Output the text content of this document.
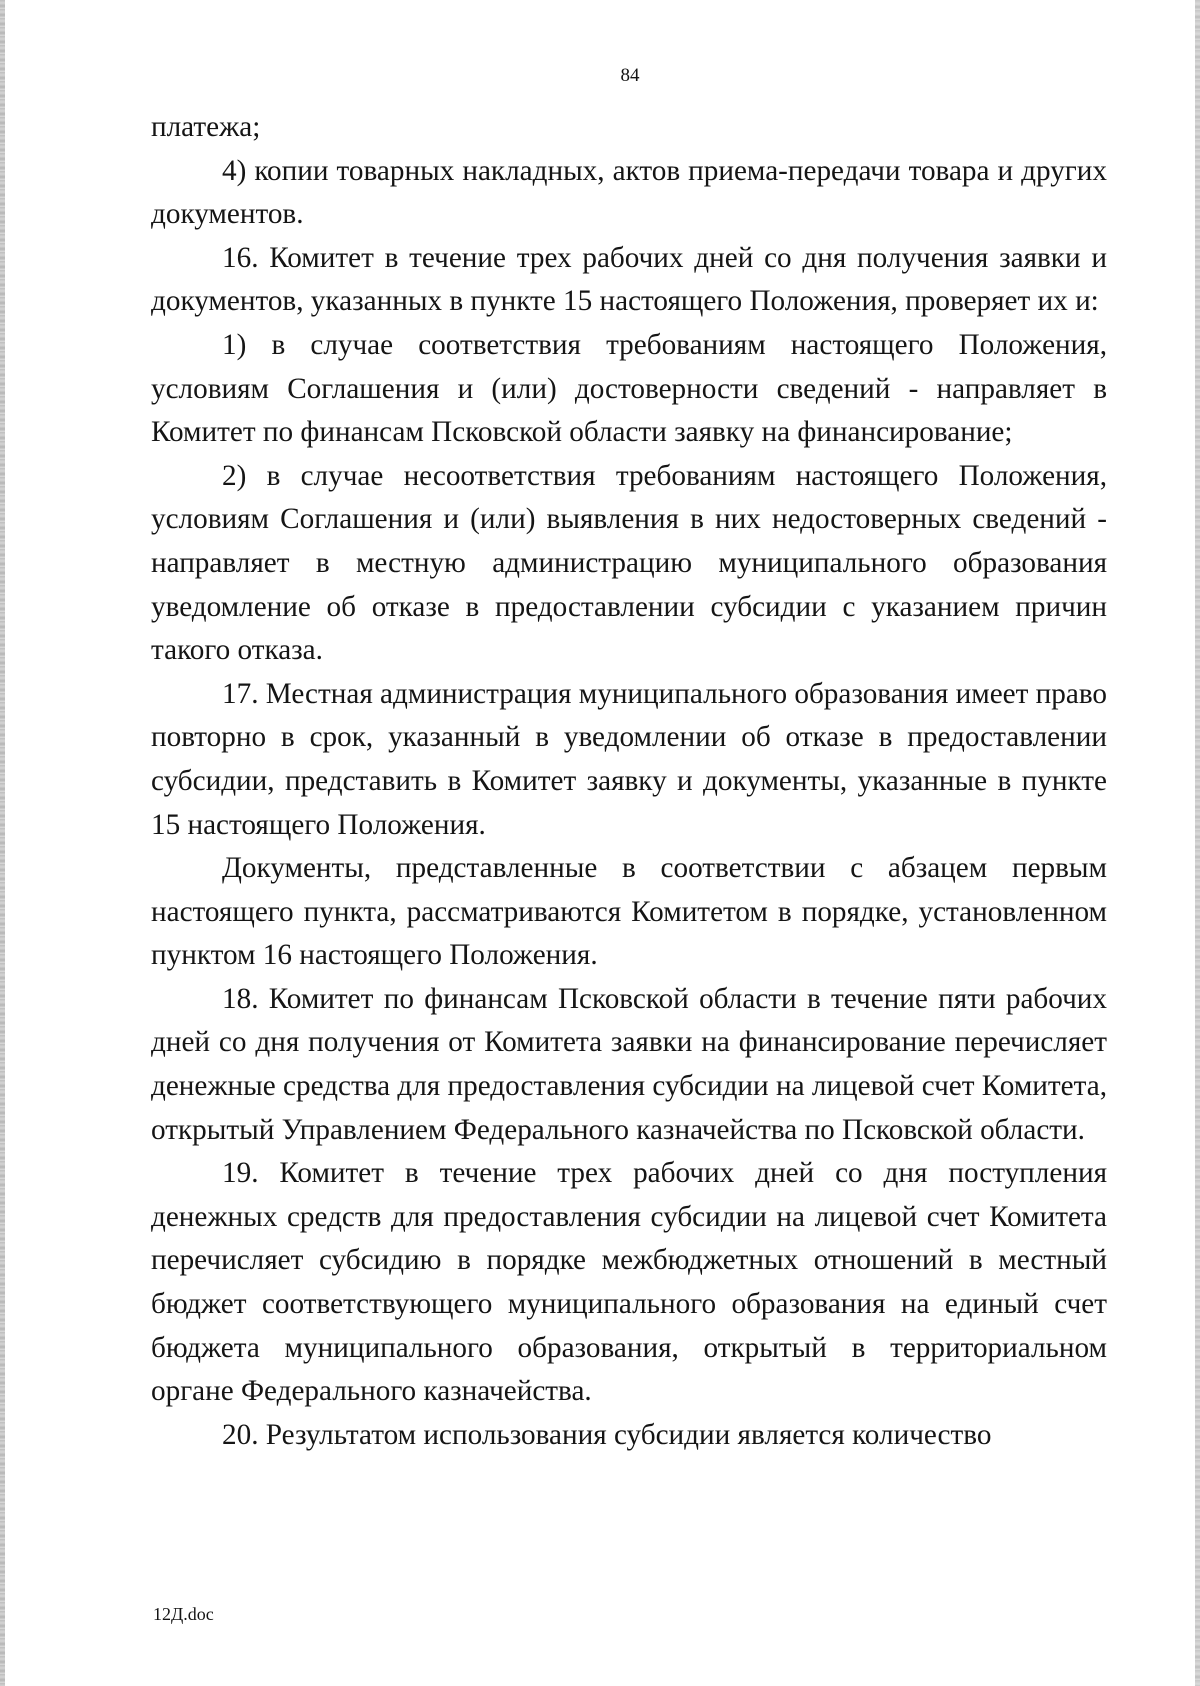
84

платежа;

4) копии товарных накладных, актов приема-передачи товара и других документов.

16. Комитет в течение трех рабочих дней со дня получения заявки и документов, указанных в пункте 15 настоящего Положения, проверяет их и:

1) в случае соответствия требованиям настоящего Положения, условиям Соглашения и (или) достоверности сведений - направляет в Комитет по финансам Псковской области заявку на финансирование;

2) в случае несоответствия требованиям настоящего Положения, условиям Соглашения и (или) выявления в них недостоверных сведений - направляет в местную администрацию муниципального образования уведомление об отказе в предоставлении субсидии с указанием причин такого отказа.

17. Местная администрация муниципального образования имеет право повторно в срок, указанный в уведомлении об отказе в предоставлении субсидии, представить в Комитет заявку и документы, указанные в пункте 15 настоящего Положения.

Документы, представленные в соответствии с абзацем первым настоящего пункта, рассматриваются Комитетом в порядке, установленном пунктом 16 настоящего Положения.

18. Комитет по финансам Псковской области в течение пяти рабочих дней со дня получения от Комитета заявки на финансирование перечисляет денежные средства для предоставления субсидии на лицевой счет Комитета, открытый Управлением Федерального казначейства по Псковской области.

19. Комитет в течение трех рабочих дней со дня поступления денежных средств для предоставления субсидии на лицевой счет Комитета перечисляет субсидию в порядке межбюджетных отношений в местный бюджет соответствующего муниципального образования на единый счет бюджета муниципального образования, открытый в территориальном органе Федерального казначейства.

20. Результатом использования субсидии является количество

12Д.doc
